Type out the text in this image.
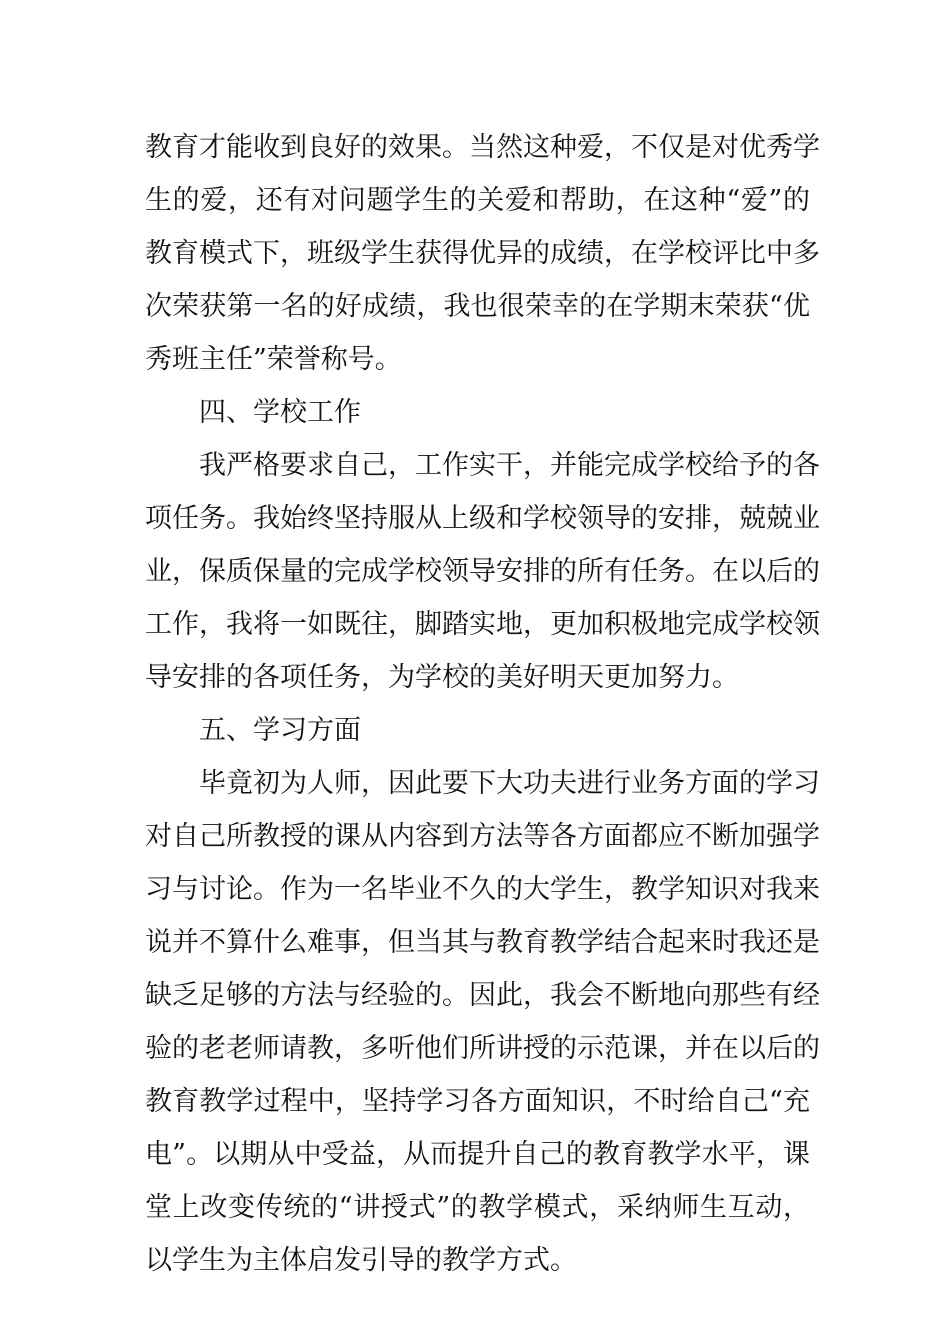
教育才能收到良好的效果。当然这种爱，不仅是对优秀学
生的爱，还有对问题学生的关爱和帮助，在这种“爱”的
教育模式下，班级学生获得优异的成绩，在学校评比中多
次荣获第一名的好成绩，我也很荣幸的在学期末荣获“优
秀班主任”荣誉称号。
四、学校工作
我严格要求自己，工作实干，并能完成学校给予的各
项任务。我始终坚持服从上级和学校领导的安排，兢兢业
业，保质保量的完成学校领导安排的所有任务。在以后的
工作，我将一如既往，脚踏实地，更加积极地完成学校领
导安排的各项任务，为学校的美好明天更加努力。
五、学习方面
毕竟初为人师，因此要下大功夫进行业务方面的学习
对自己所教授的课从内容到方法等各方面都应不断加强学
习与讨论。作为一名毕业不久的大学生，教学知识对我来
说并不算什么难事，但当其与教育教学结合起来时我还是
缺乏足够的方法与经验的。因此，我会不断地向那些有经
验的老老师请教，多听他们所讲授的示范课，并在以后的
教育教学过程中，坚持学习各方面知识，不时给自己“充
电”。以期从中受益，从而提升自己的教育教学水平，课
堂上改变传统的“讲授式”的教学模式，采纳师生互动，
以学生为主体启发引导的教学方式。
